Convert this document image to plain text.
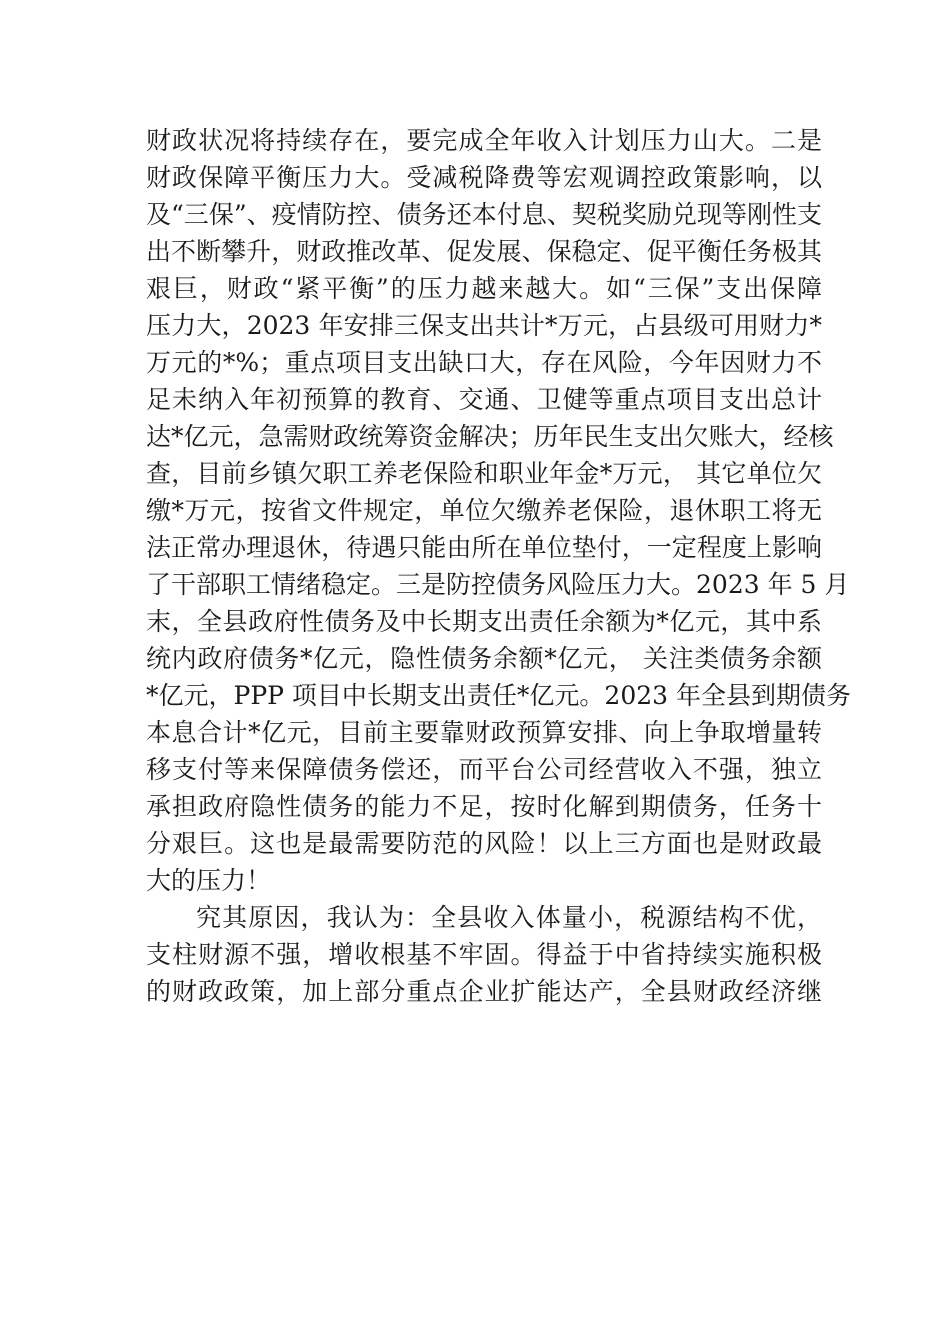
财政状况将持续存在，要完成全年收入计划压力山大。二是
财政保障平衡压力大。受减税降费等宏观调控政策影响，以
及“三保”、疫情防控、债务还本付息、契税奖励兑现等刚性支
出不断攀升，财政推改革、促发展、保稳定、促平衡任务极其
艰巨，财政“紧平衡”的压力越来越大。如“三保”支出保障
压力大，2023 年安排三保支出共计*万元，占县级可用财力*
万元的*%；重点项目支出缺口大，存在风险，今年因财力不
足未纳入年初预算的教育、交通、卫健等重点项目支出总计
达*亿元，急需财政统筹资金解决；历年民生支出欠账大，经核
查，目前乡镇欠职工养老保险和职业年金*万元， 其它单位欠
缴*万元，按省文件规定，单位欠缴养老保险，退休职工将无
法正常办理退休，待遇只能由所在单位垫付，一定程度上影响
了干部职工情绪稳定。三是防控债务风险压力大。2023 年 5 月
末，全县政府性债务及中长期支出责任余额为*亿元，其中系
统内政府债务*亿元，隐性债务余额*亿元， 关注类债务余额
*亿元，PPP 项目中长期支出责任*亿元。2023 年全县到期债务
本息合计*亿元，目前主要靠财政预算安排、向上争取增量转
移支付等来保障债务偿还，而平台公司经营收入不强，独立
承担政府隐性债务的能力不足，按时化解到期债务，任务十
分艰巨。这也是最需要防范的风险！以上三方面也是财政最
大的压力！
究其原因，我认为：全县收入体量小，税源结构不优，
支柱财源不强，增收根基不牢固。得益于中省持续实施积极
的财政政策，加上部分重点企业扩能达产，全县财政经济继
